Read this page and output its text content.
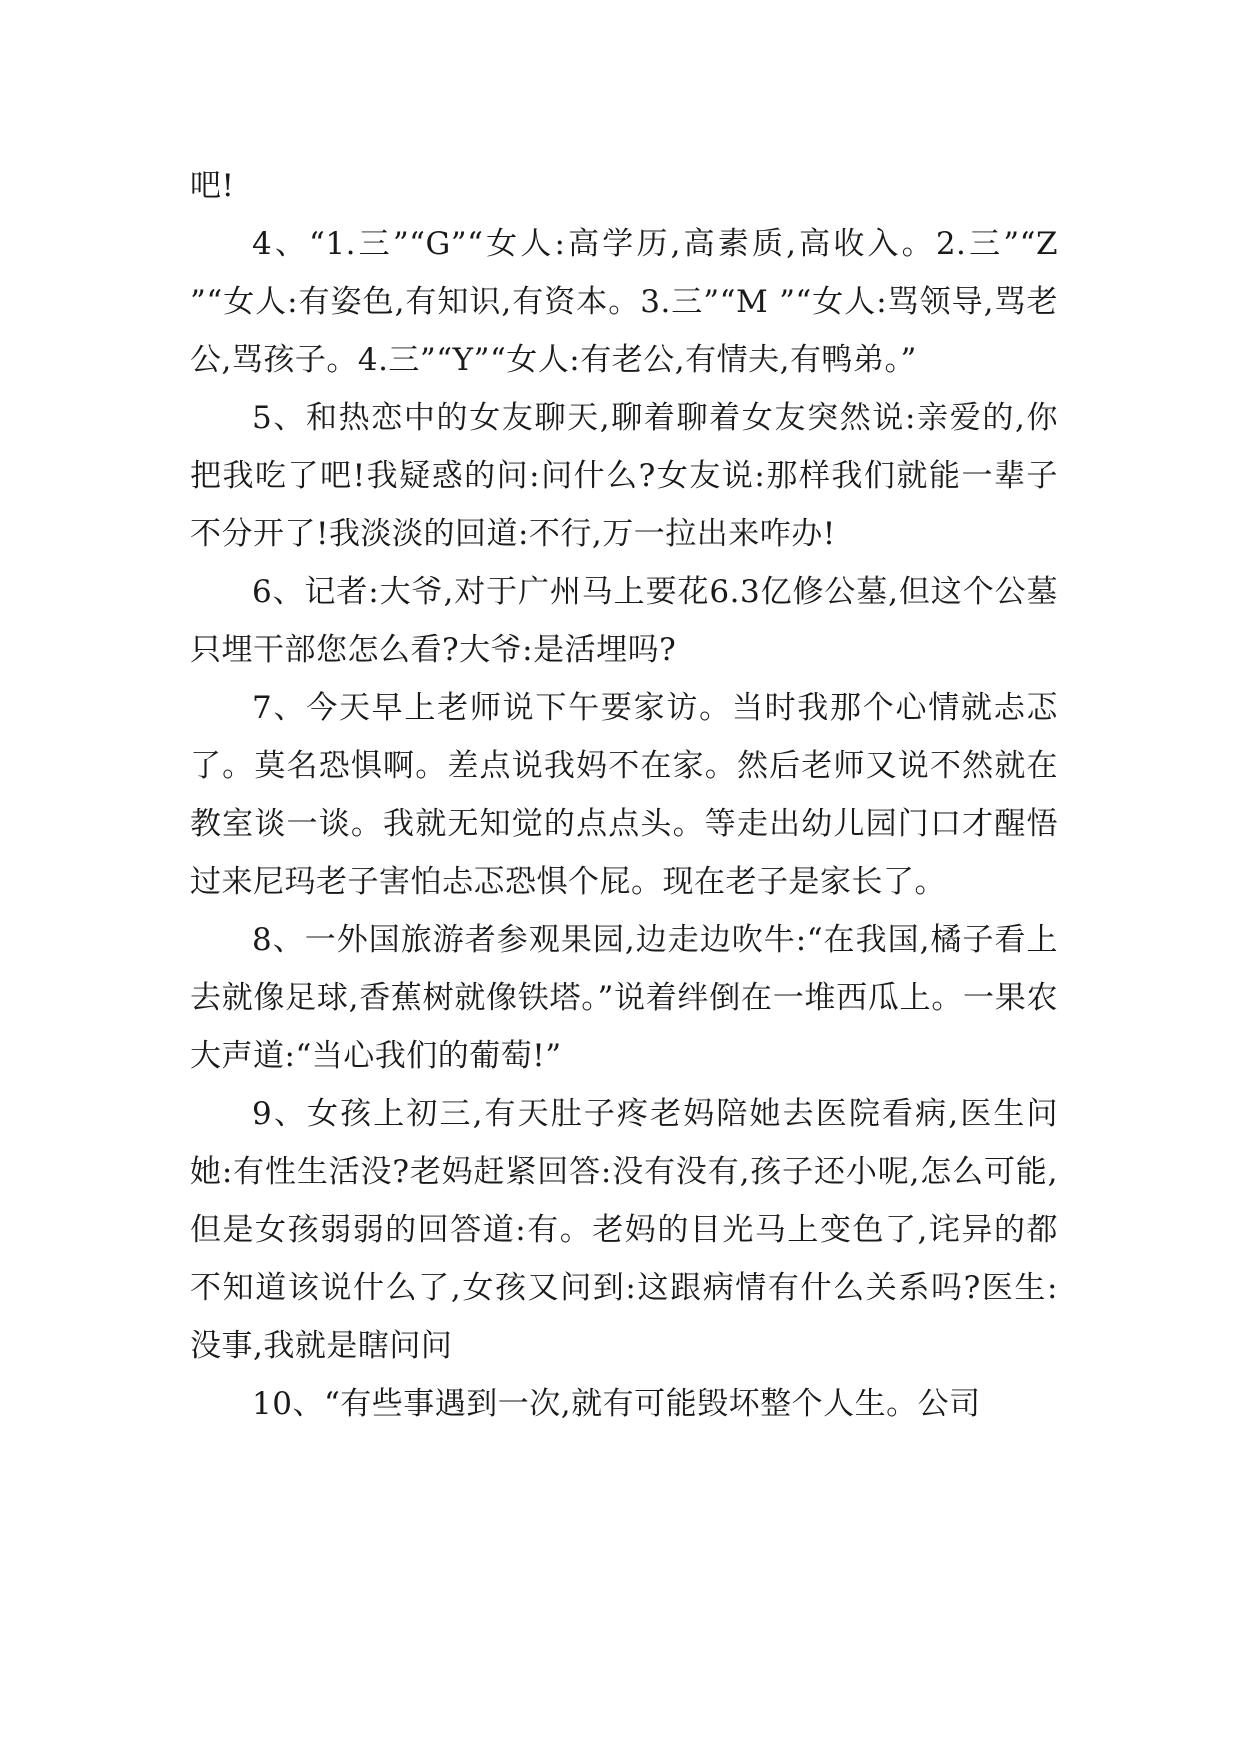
吧!

4、“1.三”“G”“女人:高学历,高素质,高收入。2.三”“Z ”“女人:有姿色,有知识,有资本。3.三”“M ”“女人:骂领导,骂老公,骂孩子。4.三”“Y”“女人:有老公,有情夫,有鸭弟。”

5、和热恋中的女友聊天,聊着聊着女友突然说:亲爱的,你把我吃了吧!我疑惑的问:问什么?女友说:那样我们就能一辈子不分开了!我淡淡的回道:不行,万一拉出来咋办!

6、记者:大爷,对于广州马上要花6.3亿修公墓,但这个公墓只埋干部您怎么看?大爷:是活埋吗?

7、今天早上老师说下午要家访。当时我那个心情就忐忑了。莫名恐惧啊。差点说我妈不在家。然后老师又说不然就在教室谈一谈。我就无知觉的点点头。等走出幼儿园门口才醒悟过来尼玛老子害怕忐忑恐惧个屁。现在老子是家长了。

8、一外国旅游者参观果园,边走边吹牛:“在我国,橘子看上去就像足球,香蕉树就像铁塔。”说着绊倒在一堆西瓜上。一果农大声道:“当心我们的葡萄!”

9、女孩上初三,有天肚子疼老妈陪她去医院看病,医生问她:有性生活没?老妈赶紧回答:没有没有,孩子还小呢,怎么可能,但是女孩弱弱的回答道:有。老妈的目光马上变色了,诧异的都不知道该说什么了,女孩又问到:这跟病情有什么关系吗?医生:没事,我就是瞎问问

10、“有些事遇到一次,就有可能毁坏整个人生。公司
